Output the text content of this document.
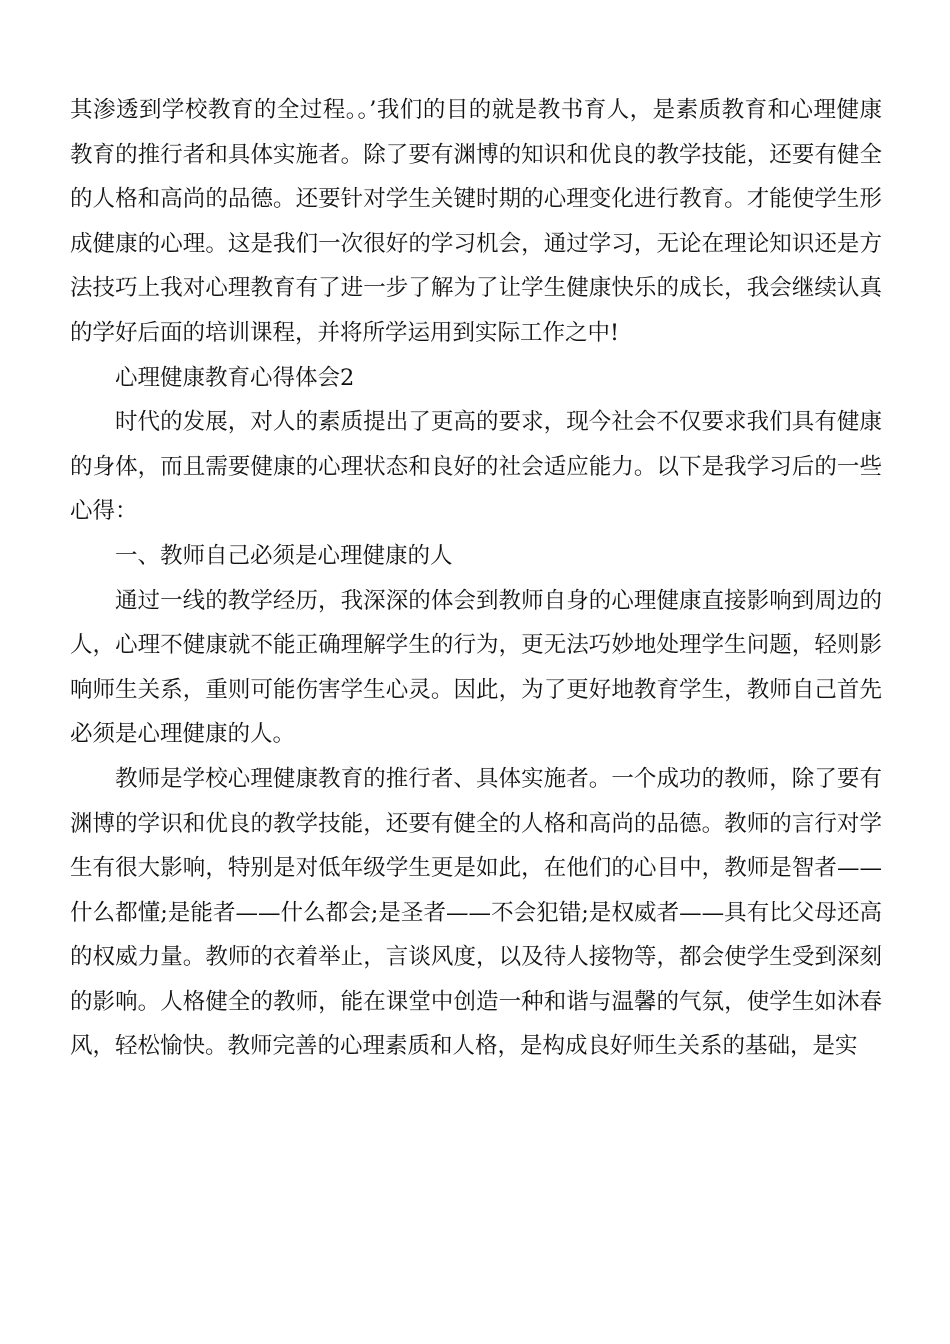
其渗透到学校教育的全过程。。’我们的目的就是教书育人，是素质教育和心理健康教育的推行者和具体实施者。除了要有渊博的知识和优良的教学技能，还要有健全的人格和高尚的品德。还要针对学生关键时期的心理变化进行教育。才能使学生形成健康的心理。这是我们一次很好的学习机会，通过学习，无论在理论知识还是方法技巧上我对心理教育有了进一步了解为了让学生健康快乐的成长，我会继续认真的学好后面的培训课程，并将所学运用到实际工作之中!

心理健康教育心得体会2

时代的发展，对人的素质提出了更高的要求，现今社会不仅要求我们具有健康的身体，而且需要健康的心理状态和良好的社会适应能力。以下是我学习后的一些心得：

一、教师自己必须是心理健康的人

通过一线的教学经历，我深深的体会到教师自身的心理健康直接影响到周边的人，心理不健康就不能正确理解学生的行为，更无法巧妙地处理学生问题，轻则影响师生关系，重则可能伤害学生心灵。因此，为了更好地教育学生，教师自己首先必须是心理健康的人。

教师是学校心理健康教育的推行者、具体实施者。一个成功的教师，除了要有渊博的学识和优良的教学技能，还要有健全的人格和高尚的品德。教师的言行对学生有很大影响，特别是对低年级学生更是如此，在他们的心目中，教师是智者——什么都懂;是能者——什么都会;是圣者——不会犯错;是权威者——具有比父母还高的权威力量。教师的衣着举止，言谈风度，以及待人接物等，都会使学生受到深刻的影响。人格健全的教师，能在课堂中创造一种和谐与温馨的气氛，使学生如沐春风，轻松愉快。教师完善的心理素质和人格，是构成良好师生关系的基础，是实
